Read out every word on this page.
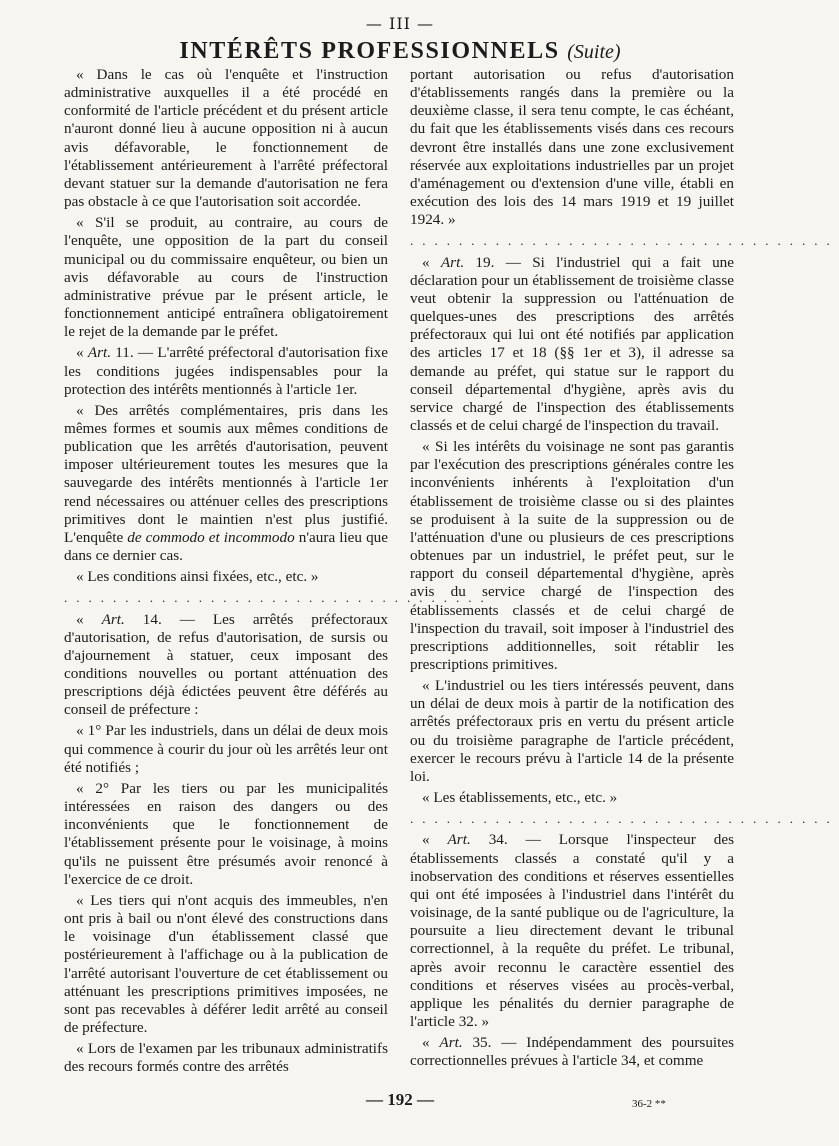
— III —
INTÉRÊTS PROFESSIONNELS (Suite)

« Dans le cas où l'enquête et l'instruction administrative auxquelles il a été procédé en conformité de l'article précédent et du présent article n'auront donné lieu à aucune opposition ni à aucun avis défavorable, le fonctionnement de l'établissement antérieurement à l'arrêté préfectoral devant statuer sur la demande d'autorisation ne fera pas obstacle à ce que l'autorisation soit accordée.

« S'il se produit, au contraire, au cours de l'enquête, une opposition de la part du conseil municipal ou du commissaire enquêteur, ou bien un avis défavorable au cours de l'instruction administrative prévue par le présent article, le fonctionnement anticipé entraînera obligatoirement le rejet de la demande par le préfet.

« Art. 11. — L'arrêté préfectoral d'autorisation fixe les conditions jugées indispensables pour la protection des intérêts mentionnés à l'article 1er.

« Des arrêtés complémentaires, pris dans les mêmes formes et soumis aux mêmes conditions de publication que les arrêtés d'autorisation, peuvent imposer ultérieurement toutes les mesures que la sauvegarde des intérêts mentionnés à l'article 1er rend nécessaires ou atténuer celles des prescriptions primitives dont le maintien n'est plus justifié. L'enquête de commodo et incommodo n'aura lieu que dans ce dernier cas.

« Les conditions ainsi fixées, etc., etc. »

...................................

« Art. 14. — Les arrêtés préfectoraux d'autorisation, de refus d'autorisation, de sursis ou d'ajournement à statuer, ceux imposant des conditions nouvelles ou portant atténuation des prescriptions déjà édictées peuvent être déférés au conseil de préfecture :

« 1° Par les industriels, dans un délai de deux mois qui commence à courir du jour où les arrêtés leur ont été notifiés ;

« 2° Par les tiers ou par les municipalités intéressées en raison des dangers ou des inconvénients que le fonctionnement de l'établissement présente pour le voisinage, à moins qu'ils ne puissent être présumés avoir renoncé à l'exercice de ce droit.

« Les tiers qui n'ont acquis des immeubles, n'en ont pris à bail ou n'ont élevé des constructions dans le voisinage d'un établissement classé que postérieurement à l'affichage ou à la publication de l'arrêté autorisant l'ouverture de cet établissement ou atténuant les prescriptions primitives imposées, ne sont pas recevables à déférer ledit arrêté au conseil de préfecture.

« Lors de l'examen par les tribunaux administratifs des recours formés contre des arrêtés

portant autorisation ou refus d'autorisation d'établissements rangés dans la première ou la deuxième classe, il sera tenu compte, le cas échéant, du fait que les établissements visés dans ces recours devront être installés dans une zone exclusivement réservée aux exploitations industrielles par un projet d'aménagement ou d'extension d'une ville, établi en exécution des lois des 14 mars 1919 et 19 juillet 1924. »

...................................

« Art. 19. — Si l'industriel qui a fait une déclaration pour un établissement de troisième classe veut obtenir la suppression ou l'atténuation de quelques-unes des prescriptions des arrêtés préfectoraux qui lui ont été notifiés par application des articles 17 et 18 (§§ 1er et 3), il adresse sa demande au préfet, qui statue sur le rapport du conseil départemental d'hygiène, après avis du service chargé de l'inspection des établissements classés et de celui chargé de l'inspection du travail.

« Si les intérêts du voisinage ne sont pas garantis par l'exécution des prescriptions générales contre les inconvénients inhérents à l'exploitation d'un établissement de troisième classe ou si des plaintes se produisent à la suite de la suppression ou de l'atténuation d'une ou plusieurs de ces prescriptions obtenues par un industriel, le préfet peut, sur le rapport du conseil départemental d'hygiène, après avis du service chargé de l'inspection des établissements classés et de celui chargé de l'inspection du travail, soit imposer à l'industriel des prescriptions additionnelles, soit rétablir les prescriptions primitives.

« L'industriel ou les tiers intéressés peuvent, dans un délai de deux mois à partir de la notification des arrêtés préfectoraux pris en vertu du présent article ou du troisième paragraphe de l'article précédent, exercer le recours prévu à l'article 14 de la présente loi.

« Les établissements, etc., etc. »

...................................

« Art. 34. — Lorsque l'inspecteur des établissements classés a constaté qu'il y a inobservation des conditions et réserves essentielles qui ont été imposées à l'industriel dans l'intérêt du voisinage, de la santé publique ou de l'agriculture, la poursuite a lieu directement devant le tribunal correctionnel, à la requête du préfet. Le tribunal, après avoir reconnu le caractère essentiel des conditions et réserves visées au procès-verbal, applique les pénalités du dernier paragraphe de l'article 32. »

« Art. 35. — Indépendamment des poursuites correctionnelles prévues à l'article 34, et comme

— 192 —	36-2 **
